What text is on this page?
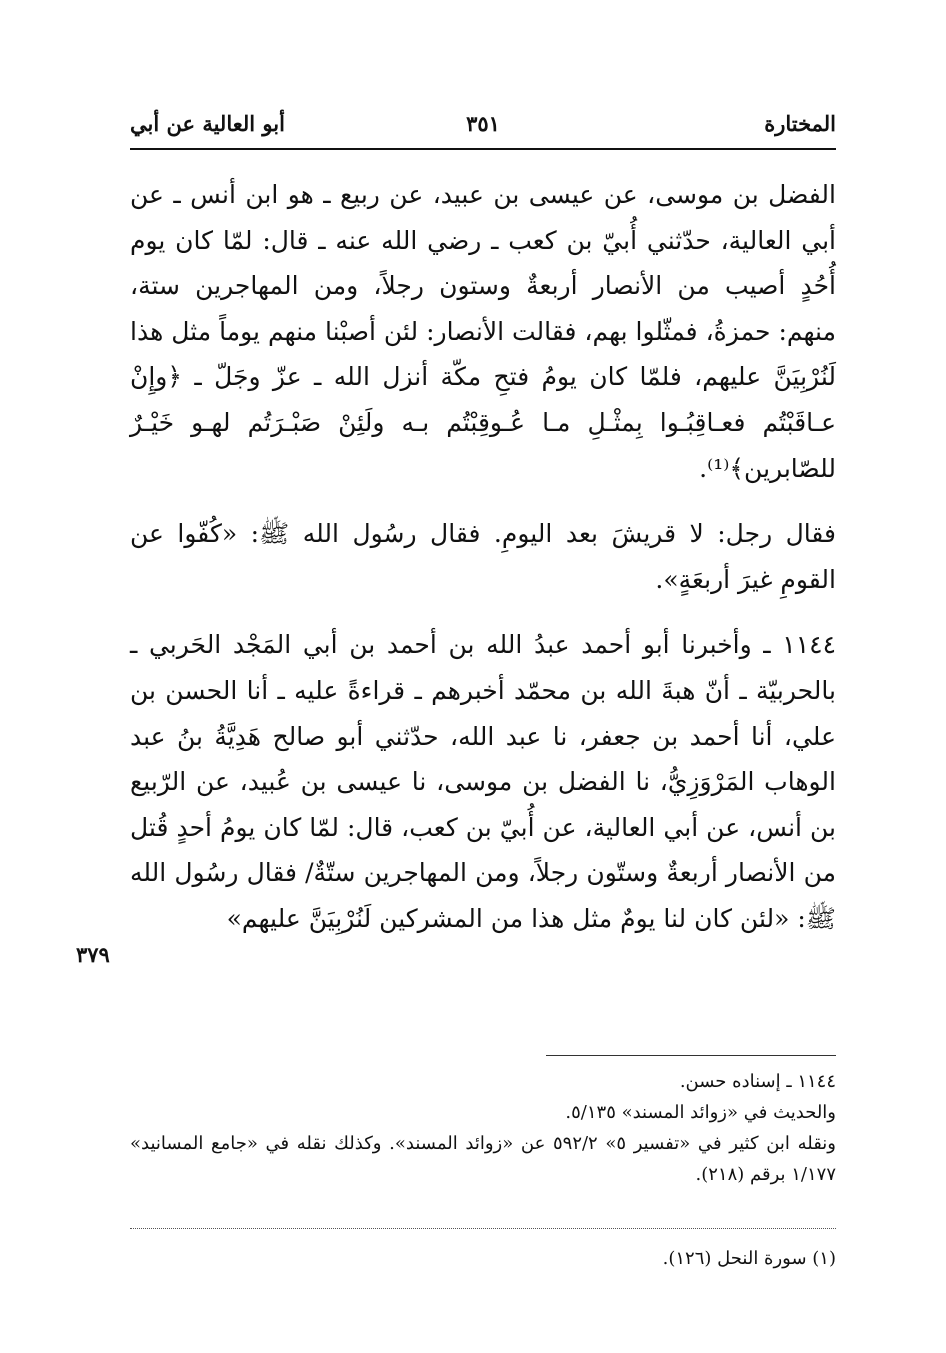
المختارة
٣٥١
أبو العالية عن أبي

الفضل بن موسى، عن عيسى بن عبيد، عن ربيع ـ هو ابن أنس ـ عن أبي العالية، حدّثني أُبيّ بن كعب ـ رضي الله عنه ـ قال: لمّا كان يوم أُحُدٍ أصيب من الأنصار أربعةٌ وستون رجلاً، ومن المهاجرين ستة، منهم: حمزةُ، فمثّلوا بهم، فقالت الأنصار: لئن أصبْنا منهم يوماً مثل هذا لَنُرْبِيَنَّ عليهم، فلمّا كان يومُ فتحِ مكّة أنزل الله ـ عزّ وجَلّ ـ ﴿وإِنْ عـاقَبْتُم فعـاقِبُـوا بِمثْـلِ مـا عُـوقِبْتُم بـه ولَئِنْ صَبْـرَتُم لهـو خَيْـرٌ للصّابرين﴾⁽¹⁾.

فقال رجل: لا قريشَ بعد اليومِ. فقال رسُول الله ﷺ: «كُفّوا عن القومِ غيرَ أربعَةٍ».

١١٤٤ ـ وأخبرنا أبو أحمد عبدُ الله بن أحمد بن أبي المَجْد الحَربي ـ بالحربيّة ـ أنّ هبةَ الله بن محمّد أخبرهم ـ قراءةً عليه ـ أنا الحسن بن علي، أنا أحمد بن جعفر، نا عبد الله، حدّثني أبو صالح هَدِيَّةُ بنُ عبد الوهاب المَرْوَزِيُّ، نا الفضل بن موسى، نا عيسى بن عُبيد، عن الرّبيع بن أنس، عن أبي العالية، عن أُبيّ بن كعب، قال: لمّا كان يومُ أحدٍ قُتل من الأنصار أربعةٌ وستّون رجلاً، ومن المهاجرين ستّةٌ/ فقال رسُول الله ﷺ: «لئن كان لنا يومٌ مثل هذا من المشركين لَنُرْبِيَنَّ عليهم»

٣٧٩

١١٤٤ ـ إسناده حسن.

والحديث في «زوائد المسند» ٥/١٣٥.

ونقله ابن كثير في «تفسير ٥» ٥٩٢/٢ عن «زوائد المسند». وكذلك نقله في «جامع المسانيد» ١/١٧٧ برقم (٢١٨).

(١) سورة النحل (١٢٦).
